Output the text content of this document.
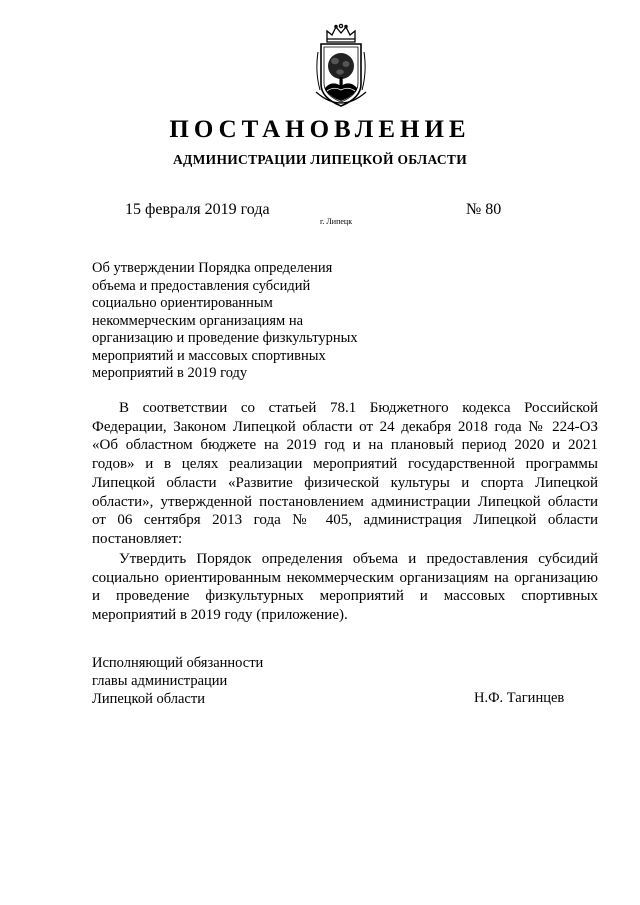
ПОСТАНОВЛЕНИЕ
АДМИНИСТРАЦИИ ЛИПЕЦКОЙ ОБЛАСТИ
15 февраля 2019 года
г. Липецк
№ 80
Об утверждении Порядка определения
объема и предоставления субсидий
социально ориентированным
некоммерческим организациям на
организацию и проведение физкультурных
мероприятий и массовых спортивных
мероприятий в 2019 году
В соответствии со статьей 78.1 Бюджетного кодекса Российской
Федерации, Законом Липецкой области от 24 декабря 2018 года № 224-ОЗ
«Об областном бюджете на 2019 год и на плановый период 2020 и 2021
годов» и в целях реализации мероприятий государственной программы
Липецкой области «Развитие физической культуры и спорта Липецкой
области», утвержденной постановлением администрации Липецкой области
от 06 сентября 2013 года № 405, администрация Липецкой области
постановляет:
Утвердить Порядок определения объема и предоставления субсидий
социально ориентированным некоммерческим организациям на организацию
и проведение физкультурных мероприятий и массовых спортивных
мероприятий в 2019 году (приложение).
Исполняющий обязанности
главы администрации
Липецкой области	Н.Ф. Тагинцев
